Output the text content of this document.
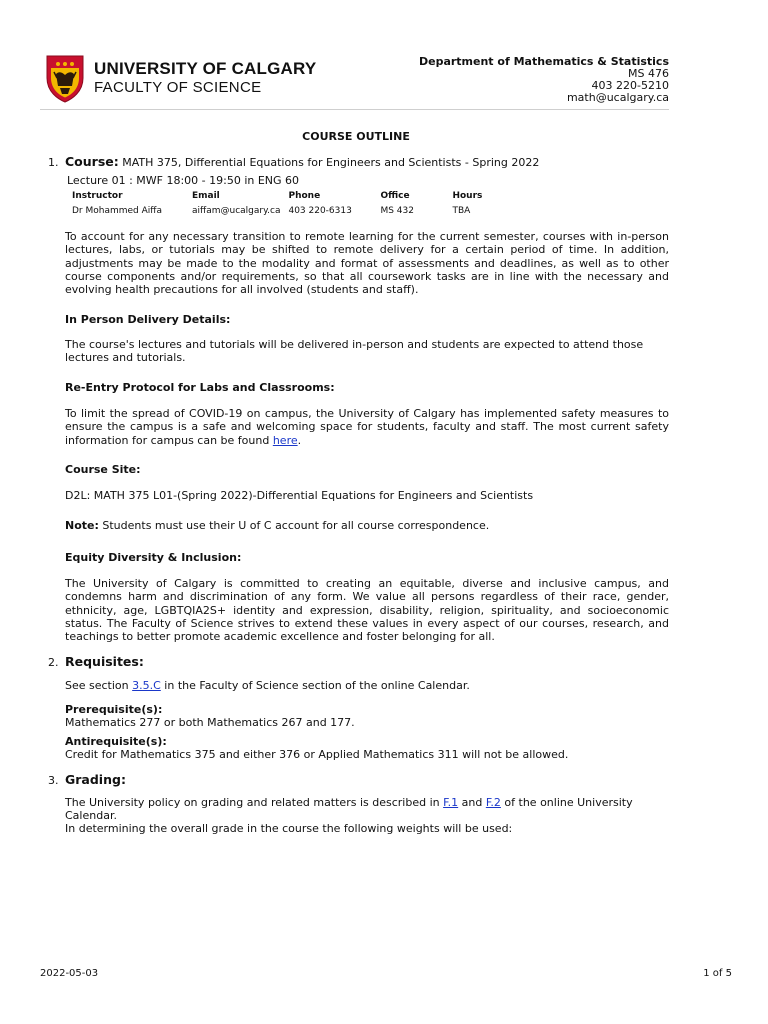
UNIVERSITY OF CALGARY
FACULTY OF SCIENCE
Department of Mathematics & Statistics
MS 476
403 220-5210
math@ucalgary.ca
COURSE OUTLINE
1. Course: MATH 375, Differential Equations for Engineers and Scientists - Spring 2022
Lecture 01 : MWF 18:00 - 19:50 in ENG 60
Instructor	Email	Phone	Office	Hours
Dr Mohammed Aiffa	aiffam@ucalgary.ca	403 220-6313	MS 432	TBA
To account for any necessary transition to remote learning for the current semester, courses with in-person lectures, labs, or tutorials may be shifted to remote delivery for a certain period of time. In addition, adjustments may be made to the modality and format of assessments and deadlines, as well as to other course components and/or requirements, so that all coursework tasks are in line with the necessary and evolving health precautions for all involved (students and staff).
In Person Delivery Details:
The course's lectures and tutorials will be delivered in-person and students are expected to attend those lectures and tutorials.
Re-Entry Protocol for Labs and Classrooms:
To limit the spread of COVID-19 on campus, the University of Calgary has implemented safety measures to ensure the campus is a safe and welcoming space for students, faculty and staff. The most current safety information for campus can be found here.
Course Site:
D2L: MATH 375 L01-(Spring 2022)-Differential Equations for Engineers and Scientists
Note: Students must use their U of C account for all course correspondence.
Equity Diversity & Inclusion:
The University of Calgary is committed to creating an equitable, diverse and inclusive campus, and condemns harm and discrimination of any form. We value all persons regardless of their race, gender, ethnicity, age, LGBTQIA2S+ identity and expression, disability, religion, spirituality, and socioeconomic status. The Faculty of Science strives to extend these values in every aspect of our courses, research, and teachings to better promote academic excellence and foster belonging for all.
2. Requisites:
See section 3.5.C in the Faculty of Science section of the online Calendar.
Prerequisite(s):
Mathematics 277 or both Mathematics 267 and 177.
Antirequisite(s):
Credit for Mathematics 375 and either 376 or Applied Mathematics 311 will not be allowed.
3. Grading:
The University policy on grading and related matters is described in F.1 and F.2 of the online University Calendar.
In determining the overall grade in the course the following weights will be used:
2022-05-03	1 of 5
